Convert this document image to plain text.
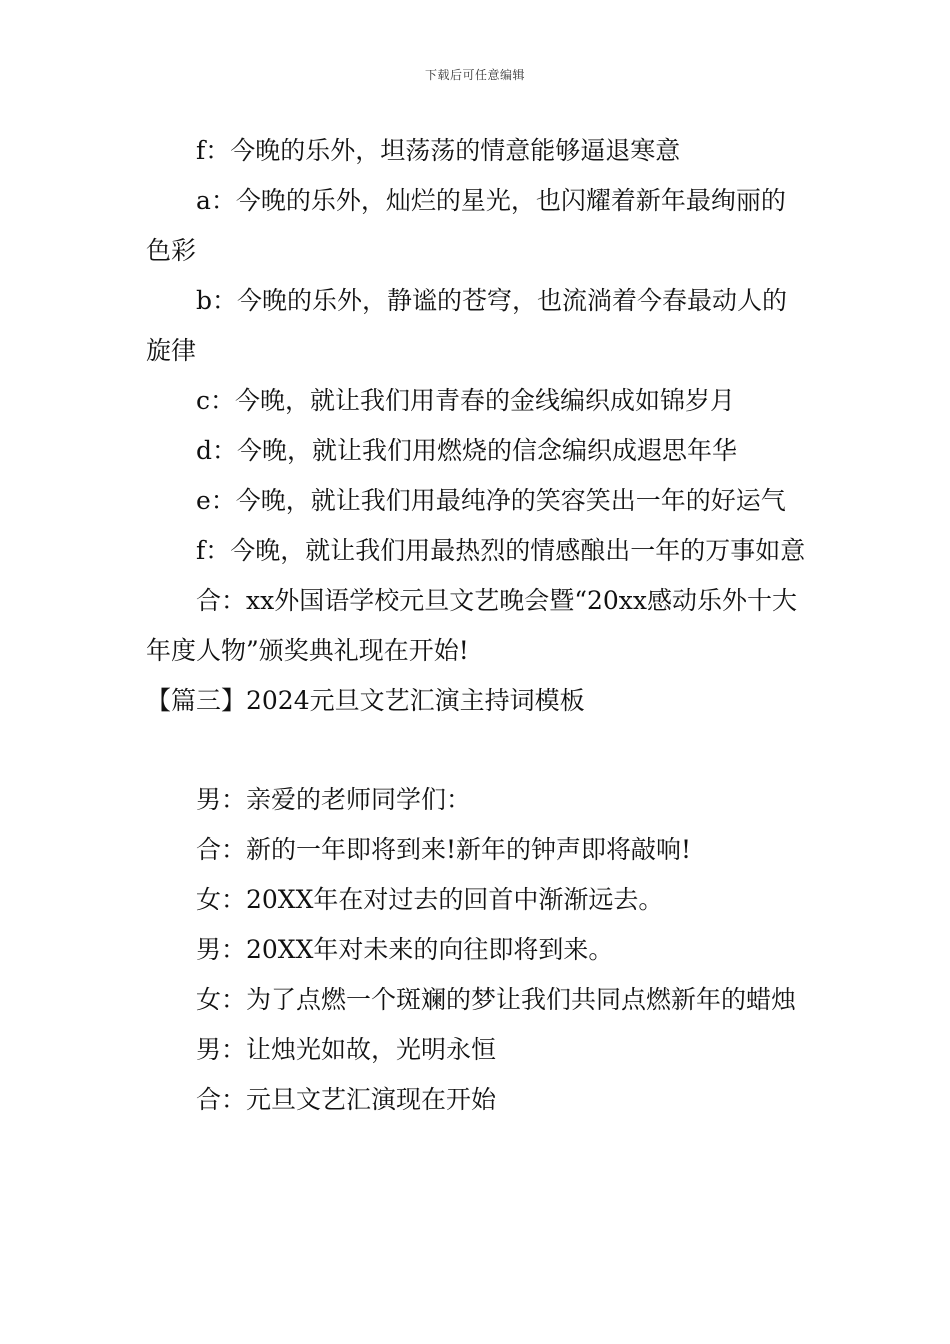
下载后可任意编辑

f：今晚的乐外，坦荡荡的情意能够逼退寒意

a：今晚的乐外，灿烂的星光，也闪耀着新年最绚丽的色彩

b：今晚的乐外，静谧的苍穹，也流淌着今春最动人的旋律

c：今晚，就让我们用青春的金线编织成如锦岁月

d：今晚，就让我们用燃烧的信念编织成遐思年华

e：今晚，就让我们用最纯净的笑容笑出一年的好运气

f：今晚，就让我们用最热烈的情感酿出一年的万事如意

合：xx外国语学校元旦文艺晚会暨“20xx感动乐外十大年度人物”颁奖典礼现在开始!

【篇三】2024元旦文艺汇演主持词模板

男：亲爱的老师同学们：

合：新的一年即将到来!新年的钟声即将敲响!

女：20XX年在对过去的回首中渐渐远去。

男：20XX年对未来的向往即将到来。

女：为了点燃一个斑斓的梦让我们共同点燃新年的蜡烛

男：让烛光如故，光明永恒

合：元旦文艺汇演现在开始
